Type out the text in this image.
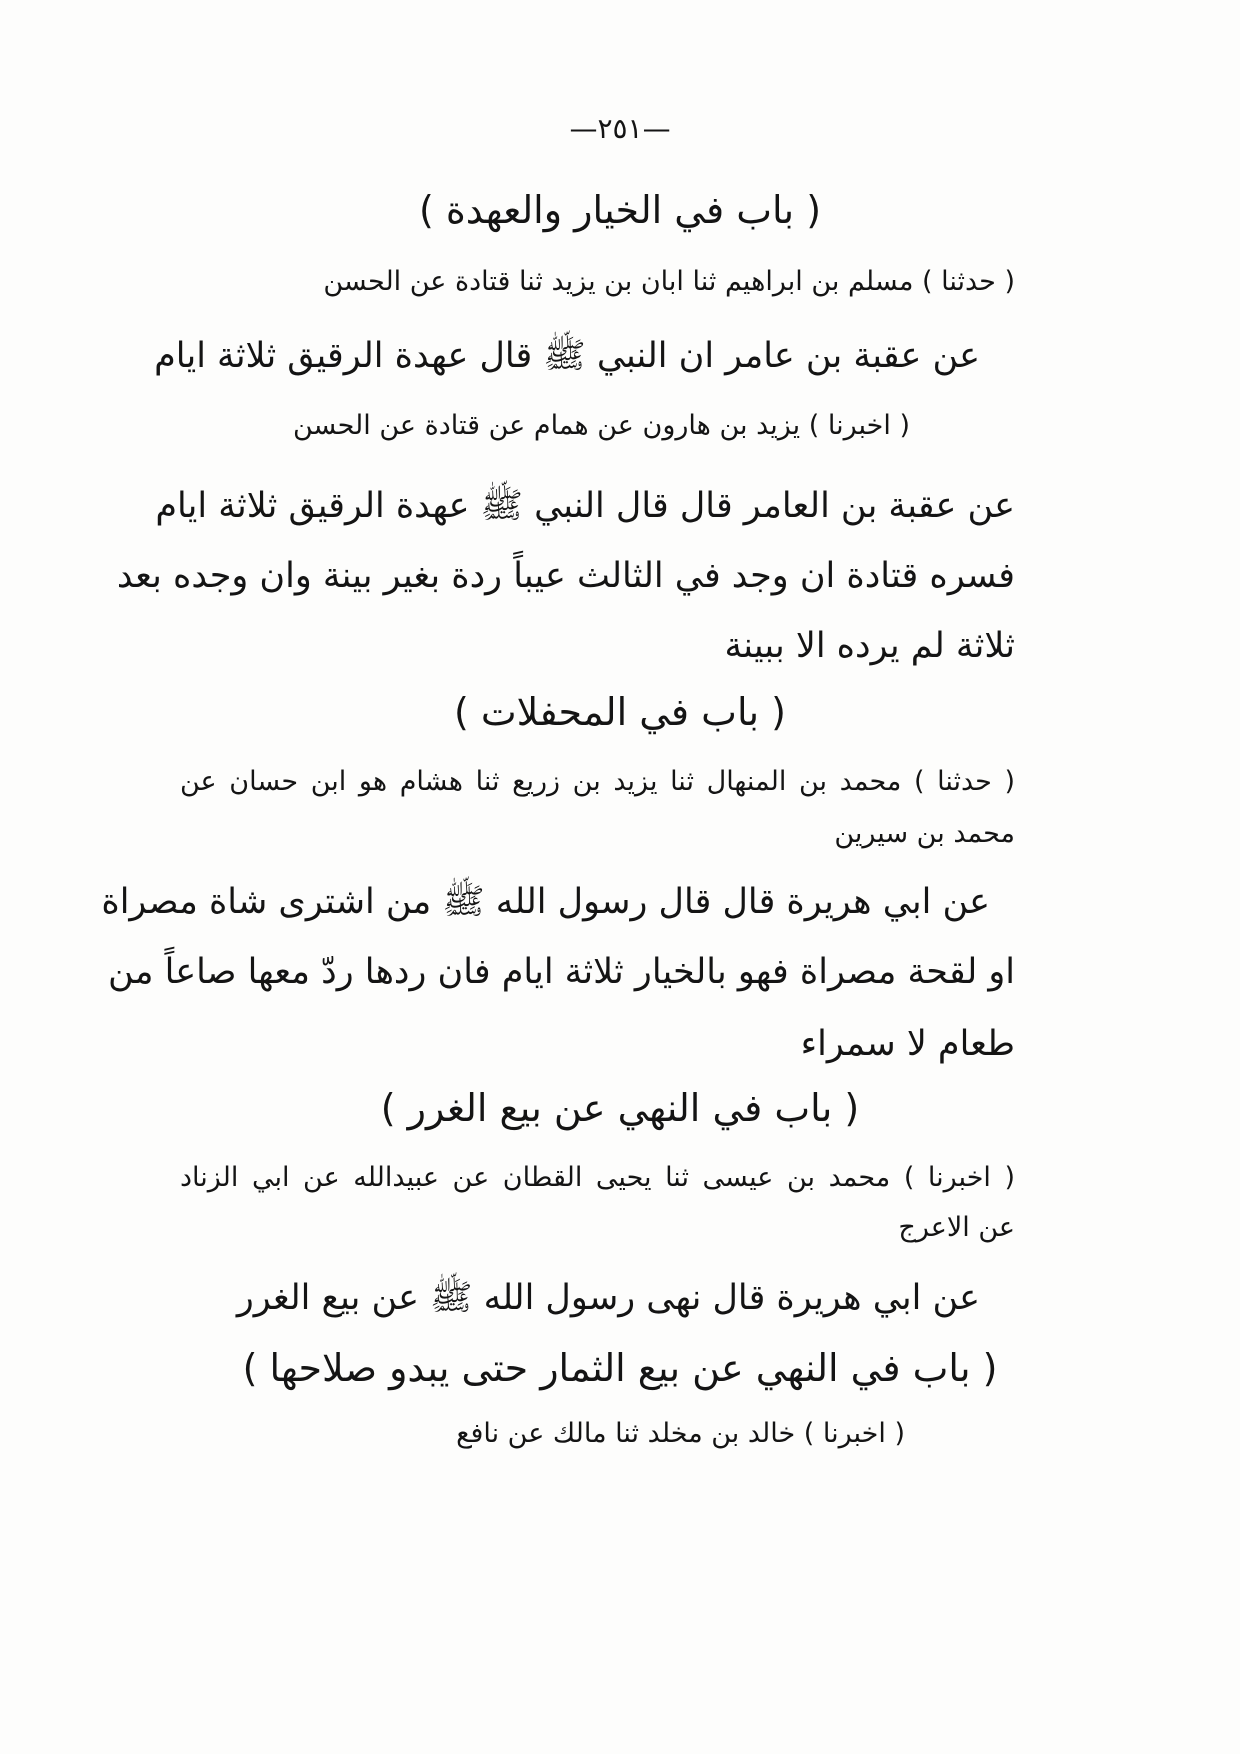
—٢٥١—
( باب في الخيار والعهدة )
( حدثنا ) مسلم بن ابراهيم ثنا ابان بن يزيد ثنا قتادة عن الحسن
عن عقبة بن عامر ان النبي ﷺ قال عهدة الرقيق ثلاثة ايام
( اخبرنا ) يزيد بن هارون عن همام عن قتادة عن الحسن
عن عقبة بن العامر قال قال النبي ﷺ عهدة الرقيق ثلاثة ايام
فسره قتادة ان وجد في الثالث عيباً ردة بغير بينة وان وجده بعد
ثلاثة لم يرده الا ببينة
( باب في المحفلات )
( حدثنا ) محمد بن المنهال ثنا يزيد بن زريع ثنا هشام هو ابن حسان عن
محمد بن سيرين
عن ابي هريرة قال قال رسول الله ﷺ من اشترى شاة مصراة
او لقحة مصراة فهو بالخيار ثلاثة ايام فان ردها ردّ معها صاعاً من
طعام لا سمراء
( باب في النهي عن بيع الغرر )
( اخبرنا ) محمد بن عيسى ثنا يحيى القطان عن عبيدالله عن ابي الزناد
عن الاعرج
عن ابي هريرة قال نهى رسول الله ﷺ عن بيع الغرر
( باب في النهي عن بيع الثمار حتى يبدو صلاحها )
( اخبرنا ) خالد بن مخلد ثنا مالك عن نافع
